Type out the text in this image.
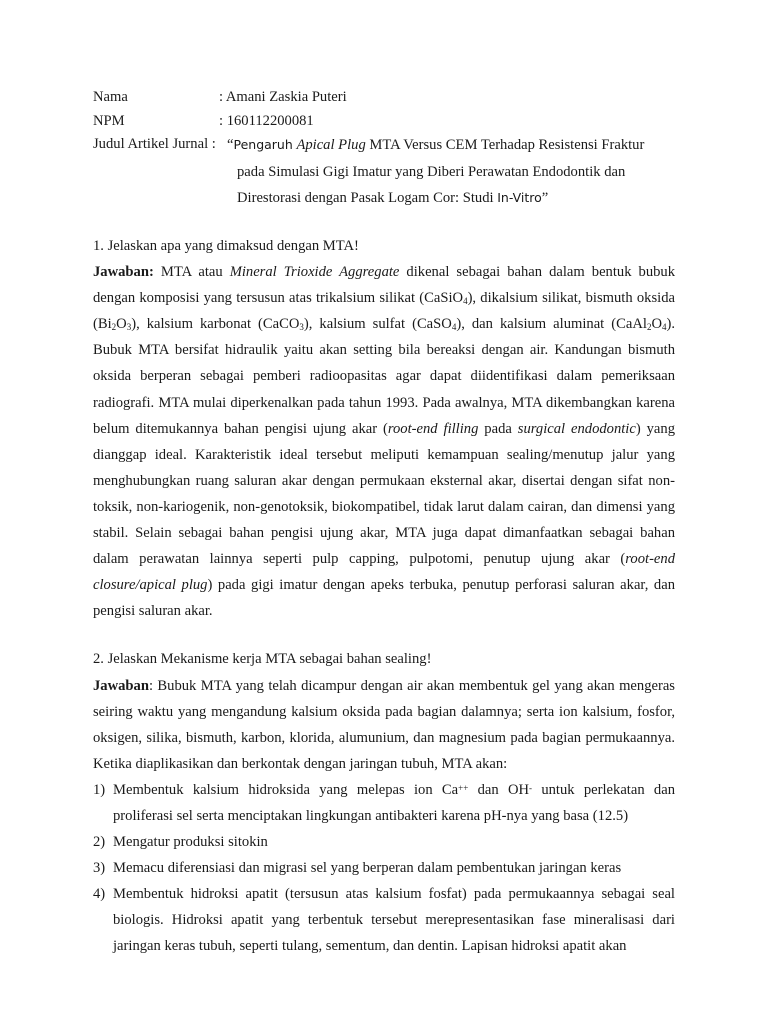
Nama	: Amani Zaskia Puteri
NPM	: 160112200081
Judul Artikel Jurnal : “Pengaruh Apical Plug MTA Versus CEM Terhadap Resistensi Fraktur
pada Simulasi Gigi Imatur yang Diberi Perawatan Endodontik dan
Direstorasi dengan Pasak Logam Cor: Studi In-Vitro”
1. Jelaskan apa yang dimaksud dengan MTA!

Jawaban: MTA atau Mineral Trioxide Aggregate dikenal sebagai bahan dalam bentuk bubuk dengan komposisi yang tersusun atas trikalsium silikat (CaSiO$_4$), dikalsium silikat, bismuth oksida $(Bi_2O_3)$, kalsium karbonat (CaCO$_3$), kalsium sulfat (CaSO$_4$), dan kalsium aluminat $(CaAl_2O_4)$. Bubuk MTA bersifat hidraulik yaitu akan setting bila bereaksi dengan air. Kandungan bismuth oksida berperan sebagai pemberi radioopasitas agar dapat diidentifikasi dalam pemeriksaan radiografi. MTA mulai diperkenalkan pada tahun 1993. Pada awalnya, MTA dikembangkan karena belum ditemukannya bahan pengisi ujung akar (root-end filling pada surgical endodontic) yang dianggap ideal. Karakteristik ideal tersebut meliputi kemampuan sealing/menutup jalur yang menghubungkan ruang saluran akar dengan permukaan eksternal akar, disertai dengan sifat non-toksik, non-kariogenik, non-genotoksik, biokompatibel, tidak larut dalam cairan, dan dimensi yang stabil. Selain sebagai bahan pengisi ujung akar, MTA juga dapat dimanfaatkan sebagai bahan dalam perawatan lainnya seperti pulp capping, pulpotomi, penutup ujung akar (root-end closure/apical plug) pada gigi imatur dengan apeks terbuka, penutup perforasi saluran akar, dan pengisi saluran akar.

2. Jelaskan Mekanisme kerja MTA sebagai bahan sealing!

Jawaban: Bubuk MTA yang telah dicampur dengan air akan membentuk gel yang akan mengeras seiring waktu yang mengandung kalsium oksida pada bagian dalamnya; serta ion kalsium, fosfor, oksigen, silika, bismuth, karbon, klorida, alumunium, dan magnesium pada bagian permukaannya. Ketika diaplikasikan dan berkontak dengan jaringan tubuh, MTA akan:

1) Membentuk kalsium hidroksida yang melepas ion Ca++ dan OH- untuk perlekatan dan proliferasi sel serta menciptakan lingkungan antibakteri karena pH-nya yang basa (12.5)
2) Mengatur produksi sitokin
3) Memacu diferensiasi dan migrasi sel yang berperan dalam pembentukan jaringan keras
4) Membentuk hidroksi apatit (tersusun atas kalsium fosfat) pada permukaannya sebagai seal biologis. Hidroksi apatit yang terbentuk tersebut merepresentasikan fase mineralisasi dari jaringan keras tubuh, seperti tulang, sementum, dan dentin. Lapisan hidroksi apatit akan
